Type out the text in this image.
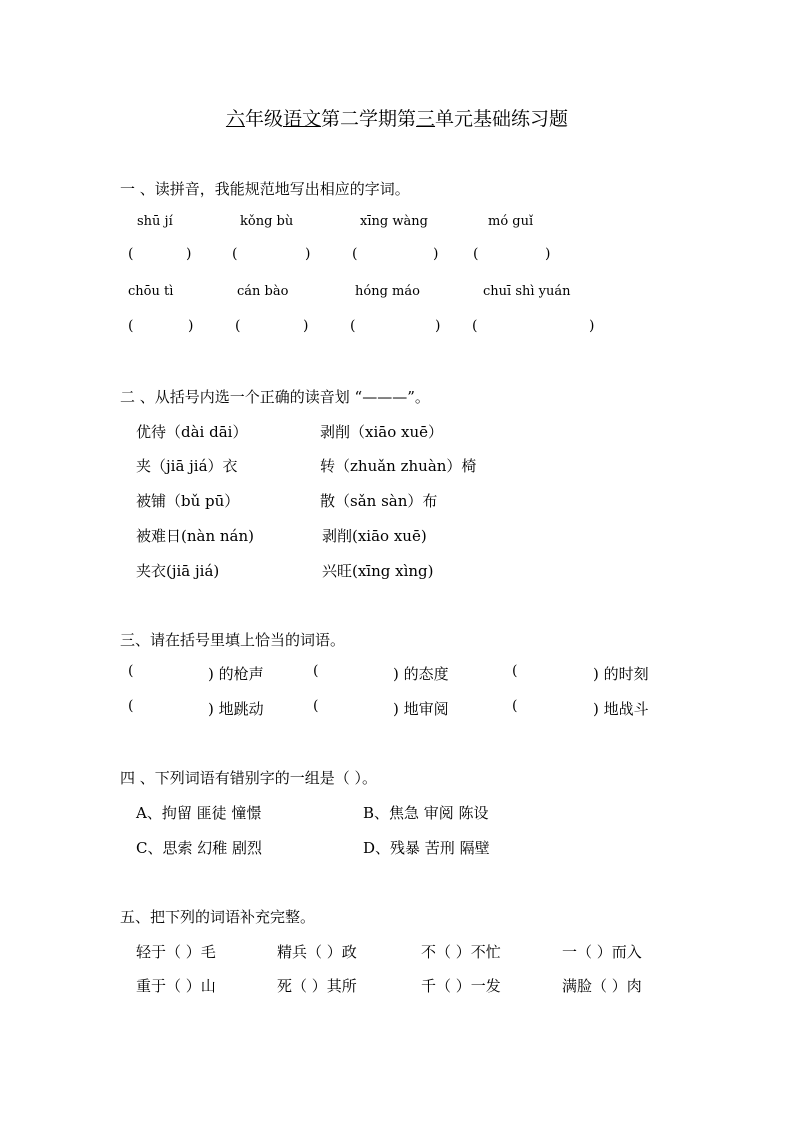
六年级语文第二学期第三单元基础练习题
一 、读拼音，我能规范地写出相应的字词。
shū jí	kǒng bù	xīng wàng	mó guǐ
(	)	(	)	(	) (	)
chōu tì	cán bào	hóng máo	chuī shì yuán
(	)	(	)	(	) (	)
二 、从括号内选一个正确的读音划 “———”。
优待（dài dāi）	剥削（xiāo xuē）
夹（jiā jiá）衣	转（zhuǎn zhuàn）椅
被铺（bǔ pū）	散（sǎn sàn）布
被难日(nàn nán)	剥削(xiāo xuē)
夹衣(jiā jiá)	兴旺(xīng xìng)
三、请在括号里填上恰当的词语。
(	) 的枪声	(	) 的态度	(	) 的时刻
(	) 地跳动	(	) 地审阅	(	) 地战斗
四 、下列词语有错别字的一组是（ ）。
A、拘留 匪徒 憧憬	B、焦急 审阅 陈设
C、思索 幻稚 剧烈	D、残暴 苦刑 隔壁
五、把下列的词语补充完整。
轻于（ ）毛	精兵（ ）政	不（ ）不忙	一（ ）而入
重于（ ）山	死（ ）其所	千（ ）一发	满脸（ ）肉
